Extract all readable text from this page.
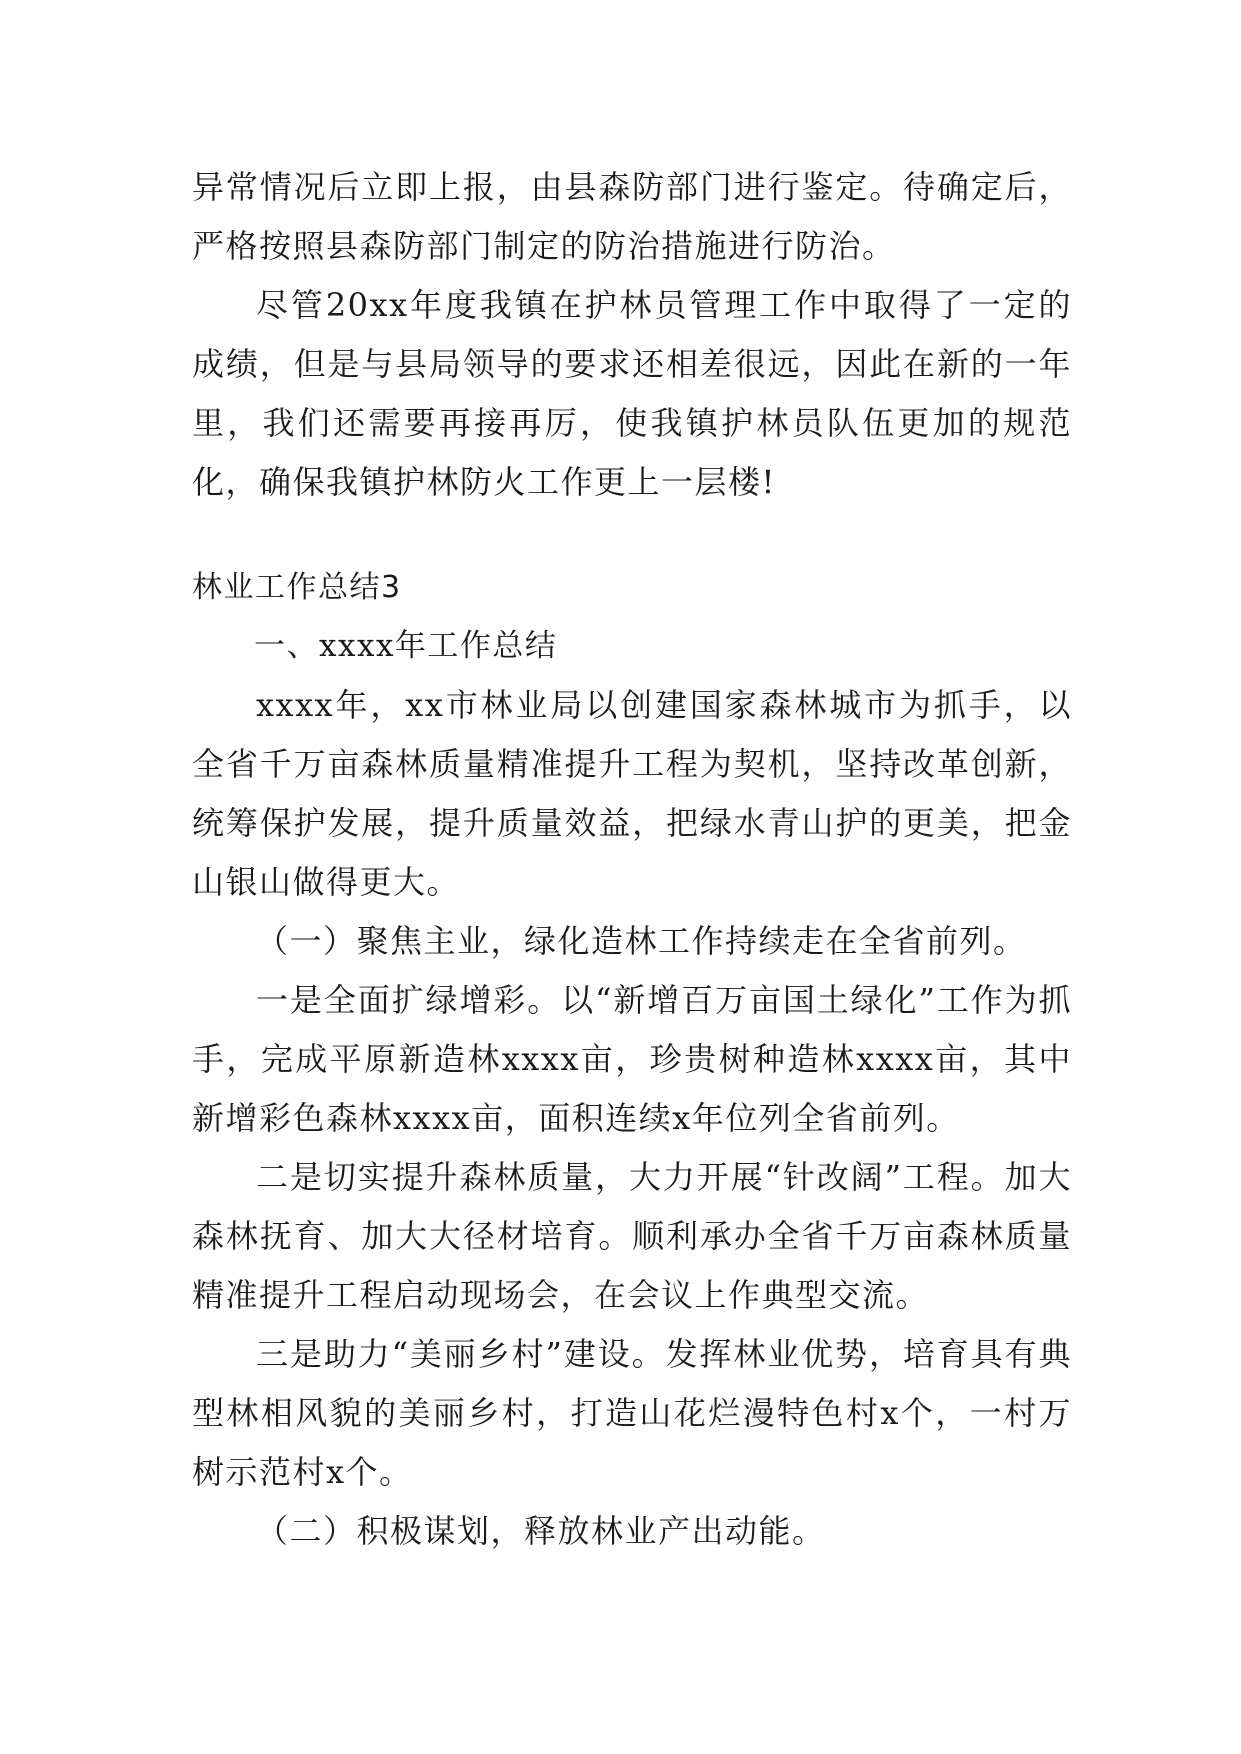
异常情况后立即上报，由县森防部门进行鉴定。待确定后，严格按照县森防部门制定的防治措施进行防治。

尽管20xx年度我镇在护林员管理工作中取得了一定的成绩，但是与县局领导的要求还相差很远，因此在新的一年里，我们还需要再接再厉，使我镇护林员队伍更加的规范化，确保我镇护林防火工作更上一层楼!

林业工作总结3

一、xxxx年工作总结

xxxx年，xx市林业局以创建国家森林城市为抓手，以全省千万亩森林质量精准提升工程为契机，坚持改革创新，统筹保护发展，提升质量效益，把绿水青山护的更美，把金山银山做得更大。

（一）聚焦主业，绿化造林工作持续走在全省前列。

一是全面扩绿增彩。以“新增百万亩国土绿化”工作为抓手，完成平原新造林xxxx亩，珍贵树种造林xxxx亩，其中新增彩色森林xxxx亩，面积连续x年位列全省前列。

二是切实提升森林质量，大力开展“针改阔”工程。加大森林抚育、加大大径材培育。顺利承办全省千万亩森林质量精准提升工程启动现场会，在会议上作典型交流。

三是助力“美丽乡村”建设。发挥林业优势，培育具有典型林相风貌的美丽乡村，打造山花烂漫特色村x个，一村万树示范村x个。

（二）积极谋划，释放林业产出动能。
